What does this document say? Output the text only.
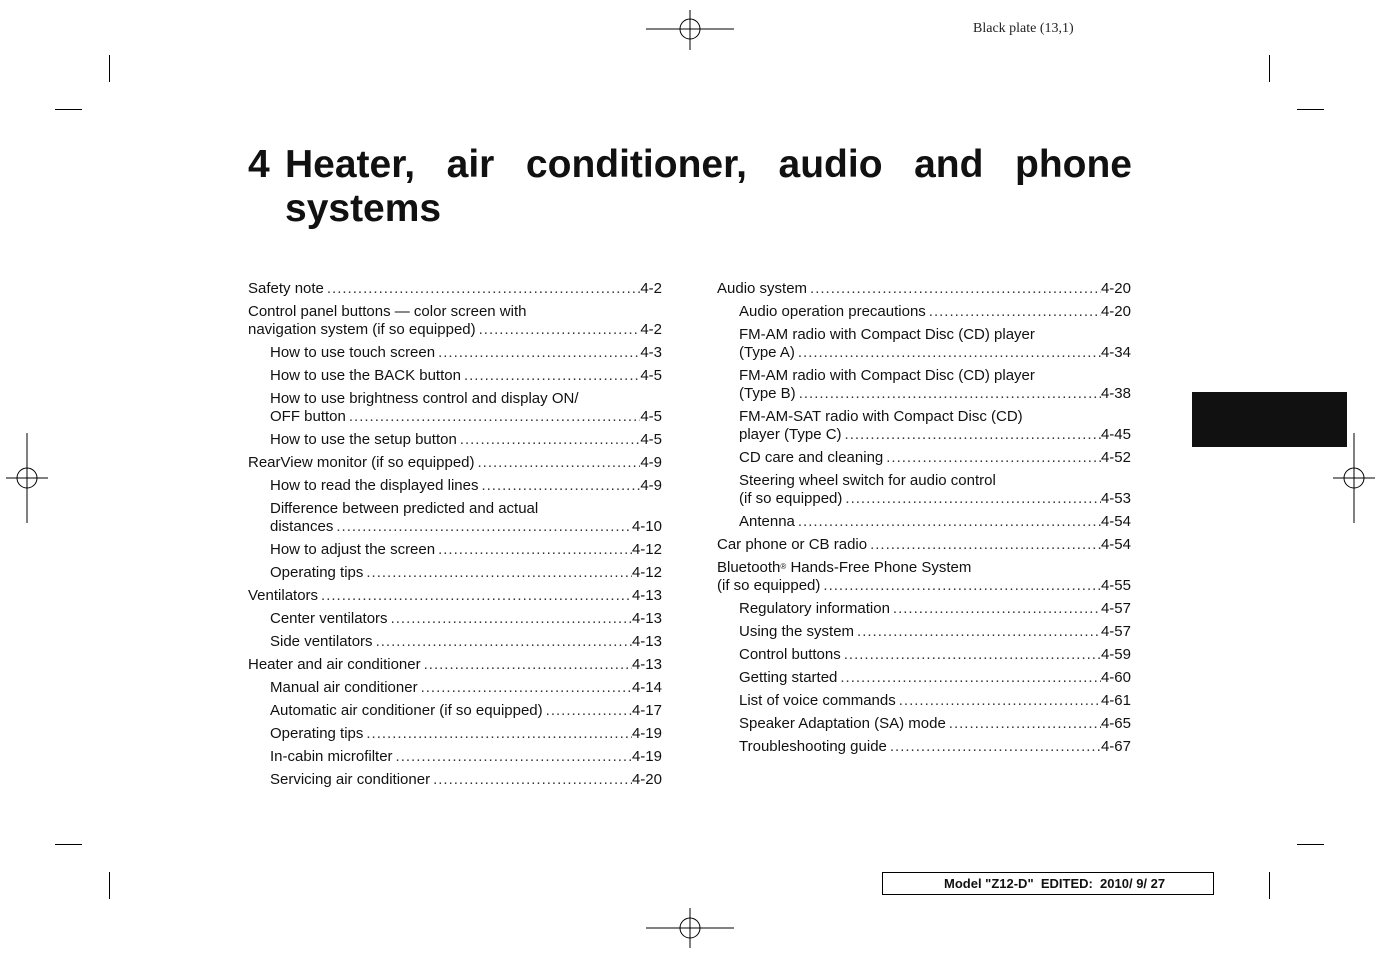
Black plate (13,1)
4 Heater, air conditioner, audio and phone
systems
Safety note .....	4-2
Control panel buttons — color screen with
navigation system (if so equipped) .....	4-2
How to use touch screen .....	4-3
How to use the BACK button .....	4-5
How to use brightness control and display ON/
OFF button .....	4-5
How to use the setup button .....	4-5
RearView monitor (if so equipped) .....	4-9
How to read the displayed lines .....	4-9
Difference between predicted and actual
distances .....	4-10
How to adjust the screen .....	4-12
Operating tips .....	4-12
Ventilators .....	4-13
Center ventilators .....	4-13
Side ventilators .....	4-13
Heater and air conditioner .....	4-13
Manual air conditioner .....	4-14
Automatic air conditioner (if so equipped) .....	4-17
Operating tips .....	4-19
In-cabin microfilter .....	4-19
Servicing air conditioner .....	4-20
Audio system .....	4-20
Audio operation precautions .....	4-20
FM-AM radio with Compact Disc (CD) player
(Type A) .....	4-34
FM-AM radio with Compact Disc (CD) player
(Type B) .....	4-38
FM-AM-SAT radio with Compact Disc (CD)
player (Type C) .....	4-45
CD care and cleaning .....	4-52
Steering wheel switch for audio control
(if so equipped) .....	4-53
Antenna .....	4-54
Car phone or CB radio .....	4-54
Bluetooth® Hands-Free Phone System
(if so equipped) .....	4-55
Regulatory information .....	4-57
Using the system .....	4-57
Control buttons .....	4-59
Getting started .....	4-60
List of voice commands .....	4-61
Speaker Adaptation (SA) mode .....	4-65
Troubleshooting guide .....	4-67
Model "Z12-D"  EDITED:  2010/ 9/ 27
